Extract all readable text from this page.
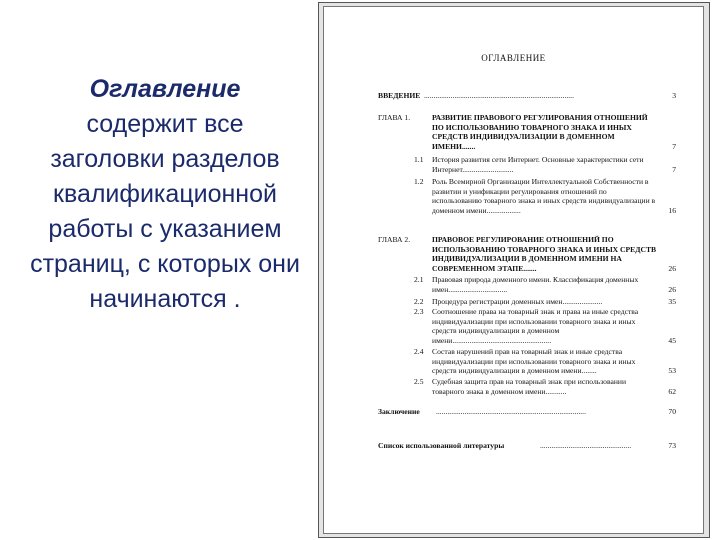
Оглавление
содержит все заголовки разделов квалификационной работы с указанием страниц, с которых они начинаются .
ОГЛАВЛЕНИЕ
ВВЕДЕНИЕ ...............................................................................	3
ГЛАВА 1.	РАЗВИТИЕ ПРАВОВОГО РЕГУЛИРОВАНИЯ ОТНОШЕНИЙ ПО ИСПОЛЬЗОВАНИЮ ТОВАРНОГО ЗНАКА И ИНЫХ СРЕДСТВ ИНДИВИДУАЛИЗАЦИИ В ДОМЕННОМ ИМЕНИ.......	7
1.1	История развития сети Интернет. Основные характеристики сети Интернет...........................	7
1.2	Роль Всемирной Организации Интеллектуальной Собственности в развитии и унификации регулирования отношений по использованию товарного знака и иных средств индивидуализации в доменном имени..................	16
ГЛАВА 2.	ПРАВОВОЕ РЕГУЛИРОВАНИЕ ОТНОШЕНИЙ ПО ИСПОЛЬЗОВАНИЮ ТОВАРНОГО ЗНАКА И ИНЫХ СРЕДСТВ ИНДИВИДУАЛИЗАЦИИ В ДОМЕННОМ ИМЕНИ НА СОВРЕМЕННОМ ЭТАПЕ.......	26
2.1	Правовая природа доменного имени. Классификация доменных имен...............................	26
2.2	Процедура регистрации доменных имен.....................	35
2.3	Соотношение права на товарный знак и права на иные средства индивидуализации при использовании товарного знака и иных средств индивидуализации в доменном имени....................................................	45
2.4	Состав нарушений прав на товарный знак и иные средства индивидуализации при использовании товарного знака и иных средств индивидуализации в доменном имени........	53
2.5	Судебная защита прав на товарный знак при использовании товарного знака в доменном имени...........	62
Заключение ...............................................................................	70
Список использованной литературы	................................................	73
